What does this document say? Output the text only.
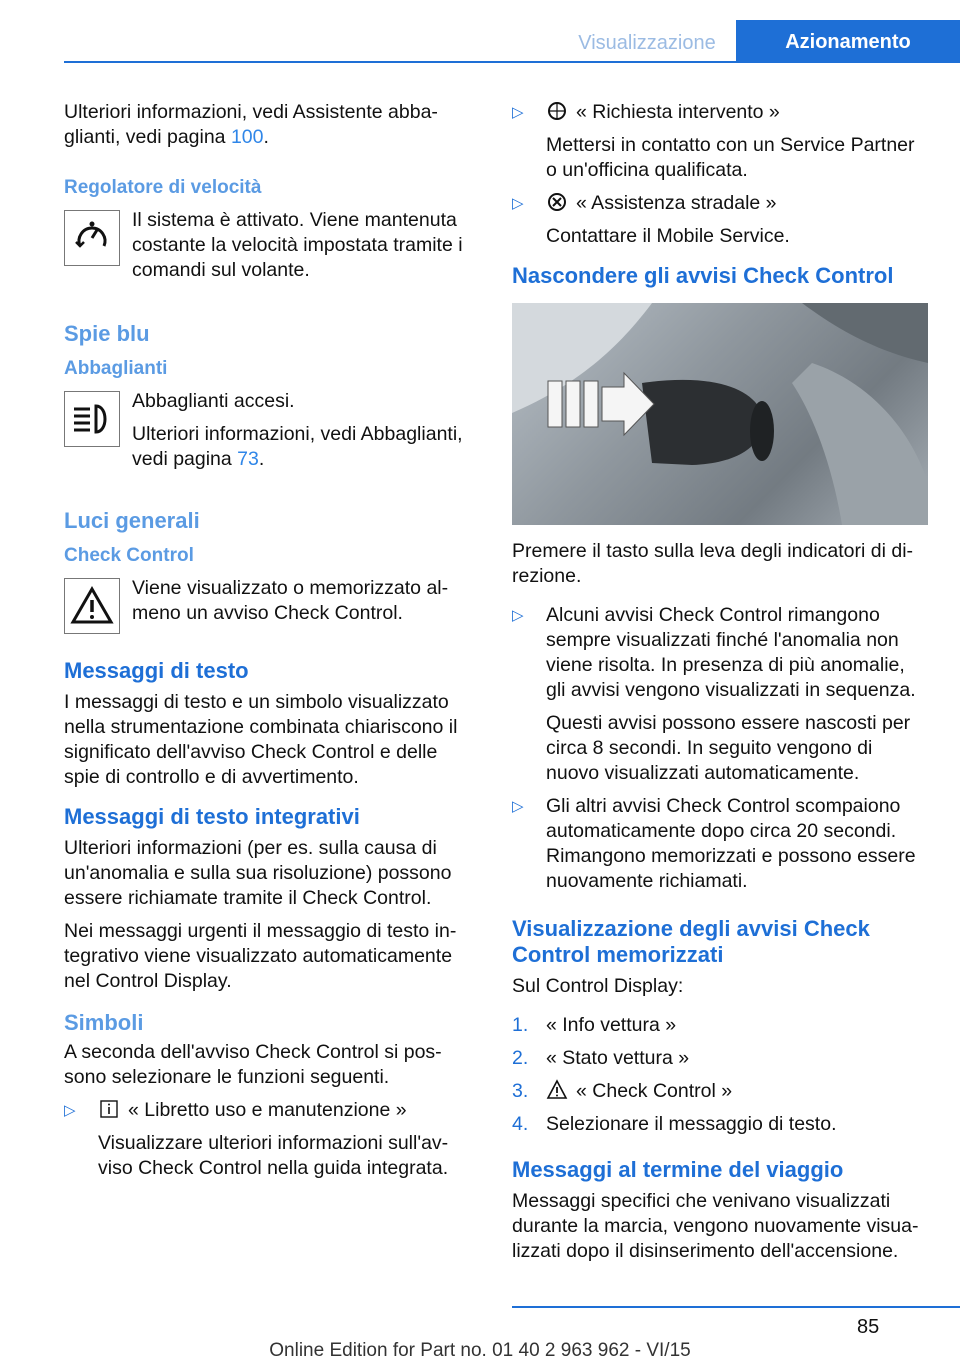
Visualizzazione	Azionamento

Ulteriori informazioni, vedi Assistente abba-glianti, vedi pagina 100.

Regolatore di velocità

Il sistema è attivato. Viene mantenuta costante la velocità impostata tramite i comandi sul volante.

Spie blu
Abbaglianti

Abbaglianti accesi.

Ulteriori informazioni, vedi Abbaglianti, vedi pagina 73.

Luci generali
Check Control

Viene visualizzato o memorizzato al-meno un avviso Check Control.

Messaggi di testo

I messaggi di testo e un simbolo visualizzato nella strumentazione combinata chiariscono il significato dell'avviso Check Control e delle spie di controllo e di avvertimento.

Messaggi di testo integrativi

Ulteriori informazioni (per es. sulla causa di un'anomalia e sulla sua risoluzione) possono essere richiamate tramite il Check Control.

Nei messaggi urgenti il messaggio di testo in-tegrativo viene visualizzato automaticamente nel Control Display.

Simboli

A seconda dell'avviso Check Control si pos-sono selezionare le funzioni seguenti.

▷	« Libretto uso e manutenzione »

Visualizzare ulteriori informazioni sull'av-viso Check Control nella guida integrata.

▷	« Richiesta intervento »

Mettersi in contatto con un Service Partner o un'officina qualificata.

▷	« Assistenza stradale »

Contattare il Mobile Service.

Nascondere gli avvisi Check Control

Premere il tasto sulla leva degli indicatori di di-rezione.

▷ Alcuni avvisi Check Control rimangono sempre visualizzati finché l'anomalia non viene risolta. In presenza di più anomalie, gli avvisi vengono visualizzati in sequenza.

Questi avvisi possono essere nascosti per circa 8 secondi. In seguito vengono di nuovo visualizzati automaticamente.

▷ Gli altri avvisi Check Control scompaiono automaticamente dopo circa 20 secondi. Rimangono memorizzati e possono essere nuovamente richiamati.

Visualizzazione degli avvisi Check Control memorizzati

Sul Control Display:

1. « Info vettura »
2. « Stato vettura »
3. « Check Control »
4. Selezionare il messaggio di testo.
Messaggi al termine del viaggio

Messaggi specifici che venivano visualizzati durante la marcia, vengono nuovamente visua-lizzati dopo il disinserimento dell'accensione.

85
Online Edition for Part no. 01 40 2 963 962 - VI/15
